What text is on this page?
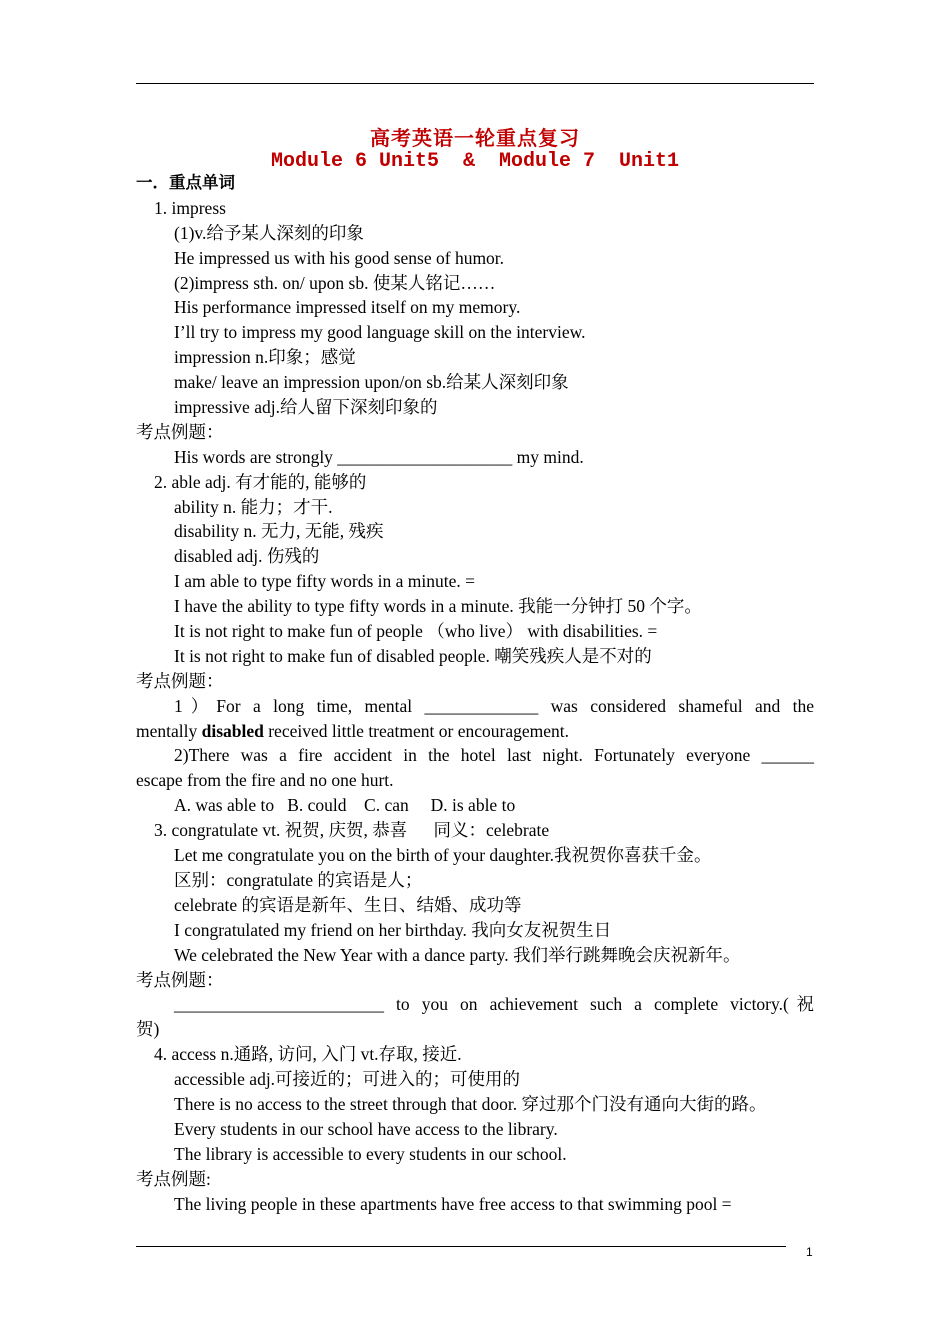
高考英语一轮重点复习
Module 6 Unit5  &  Module 7  Unit1
一．重点单词
1. impress
(1)v.给予某人深刻的印象
He impressed us with his good sense of humor.
(2)impress sth. on/ upon sb. 使某人铭记……
His performance impressed itself on my memory.
I’ll try to impress my good language skill on the interview.
impression n.印象；感觉
make/ leave an impression upon/on sb.给某人深刻印象
impressive adj.给人留下深刻印象的
考点例题：
His words are strongly ____________________ my mind.
2. able adj. 有才能的, 能够的
ability n. 能力；才干.
disability n. 无力, 无能, 残疾
disabled adj. 伤残的
I am able to type fifty words in a minute. =
I have the ability to type fifty words in a minute. 我能一分钟打 50 个字。
It is not right to make fun of people （who live） with disabilities. =
It is not right to make fun of disabled people. 嘲笑残疾人是不对的
考点例题：
1）For a long time, mental _____________ was considered shameful and the
mentally disabled received little treatment or encouragement.
2)There was a fire accident in the hotel last night. Fortunately everyone ______
escape from the fire and no one hurt.
A. was able to   B. could    C. can     D. is able to
3. congratulate vt. 祝贺, 庆贺, 恭喜      同义：celebrate
Let me congratulate you on the birth of your daughter.我祝贺你喜获千金。
区别：congratulate 的宾语是人；
celebrate 的宾语是新年、生日、结婚、成功等
I congratulated my friend on her birthday. 我向女友祝贺生日
We celebrated the New Year with a dance party. 我们举行跳舞晚会庆祝新年。
考点例题：
________________________ to you on achievement such a complete victory.(祝
贺)
4. access n.通路, 访问, 入门 vt.存取, 接近.
accessible adj.可接近的；可进入的；可使用的
There is no access to the street through that door. 穿过那个门没有通向大街的路。
Every students in our school have access to the library.
The library is accessible to every students in our school.
考点例题:
The living people in these apartments have free access to that swimming pool =
1
